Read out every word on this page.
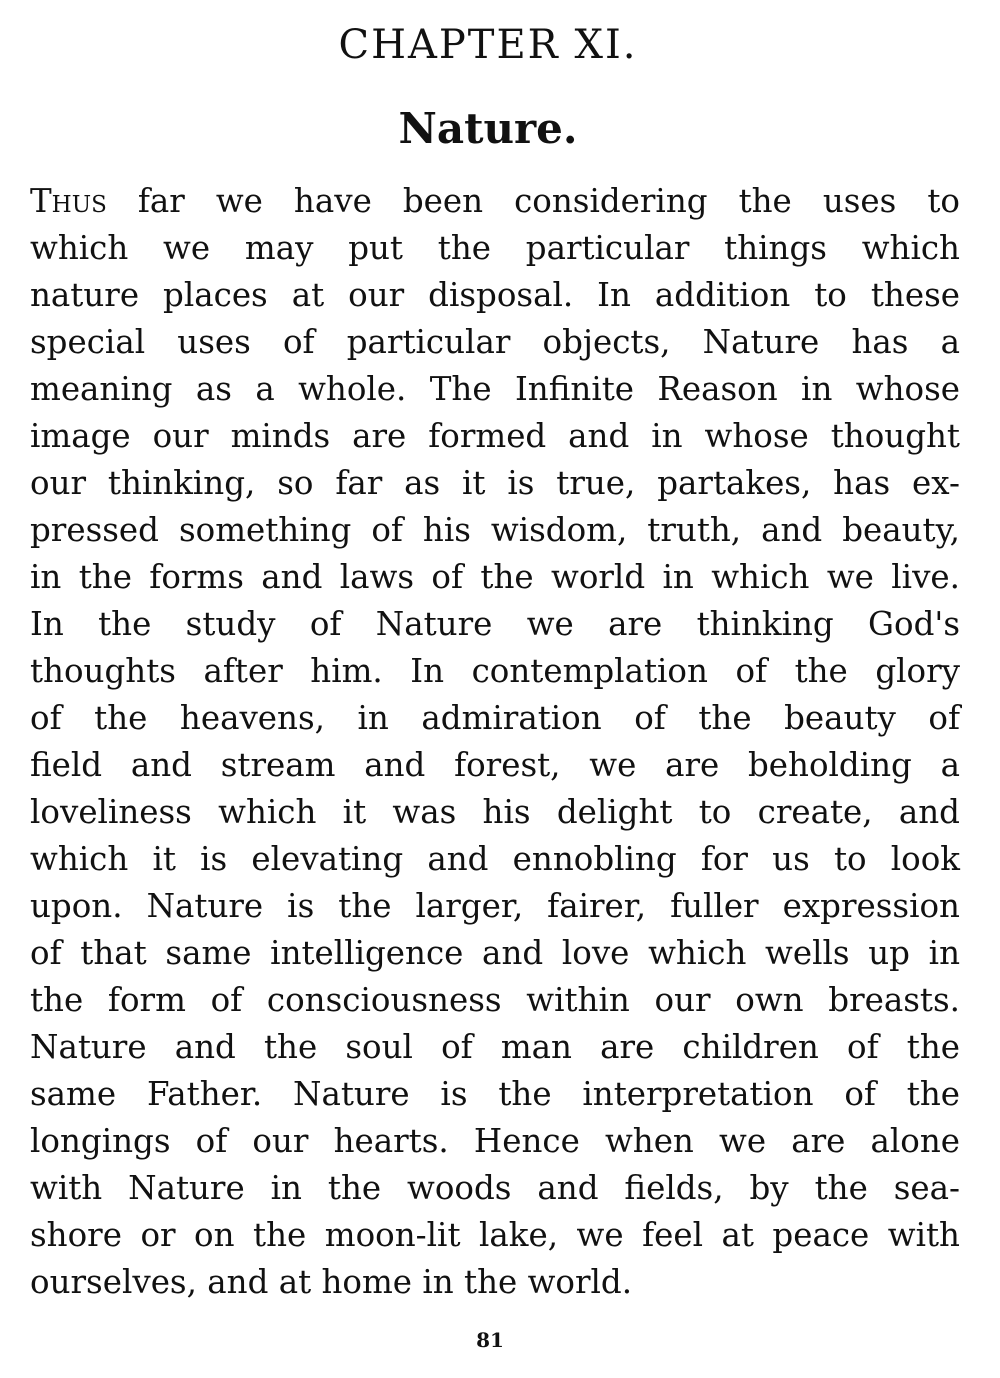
CHAPTER XI.
Nature.
Thus far we have been considering the uses to
which we may put the particular things which
nature places at our disposal. In addition to these
special uses of particular objects, Nature has a
meaning as a whole. The Infinite Reason in whose
image our minds are formed and in whose thought
our thinking, so far as it is true, partakes, has ex-
pressed something of his wisdom, truth, and beauty,
in the forms and laws of the world in which we live.
In the study of Nature we are thinking God's
thoughts after him. In contemplation of the glory
of the heavens, in admiration of the beauty of
field and stream and forest, we are beholding a
loveliness which it was his delight to create, and
which it is elevating and ennobling for us to look
upon. Nature is the larger, fairer, fuller expression
of that same intelligence and love which wells up in
the form of consciousness within our own breasts.
Nature and the soul of man are children of the
same Father. Nature is the interpretation of the
longings of our hearts. Hence when we are alone
with Nature in the woods and fields, by the sea-
shore or on the moon-lit lake, we feel at peace with
ourselves, and at home in the world.
81
